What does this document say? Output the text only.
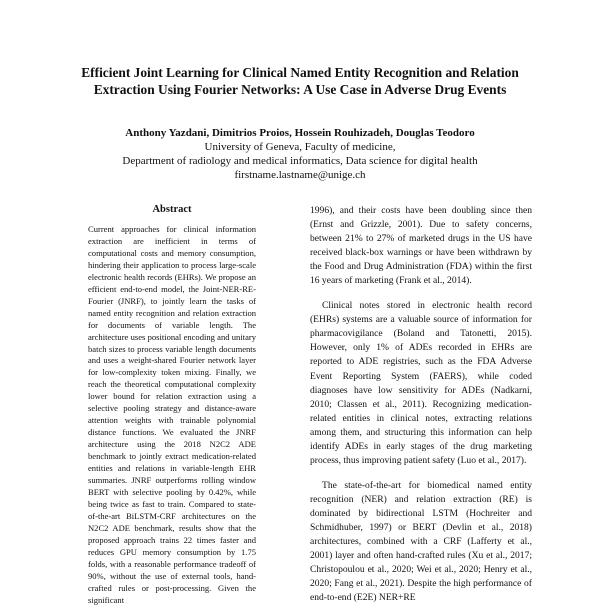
Efficient Joint Learning for Clinical Named Entity Recognition and Relation Extraction Using Fourier Networks: A Use Case in Adverse Drug Events
Anthony Yazdani, Dimitrios Proios, Hossein Rouhizadeh, Douglas Teodoro
University of Geneva, Faculty of medicine,
Department of radiology and medical informatics, Data science for digital health
firstname.lastname@unige.ch
Abstract

Current approaches for clinical information extraction are inefficient in terms of computational costs and memory consumption, hindering their application to process large-scale electronic health records (EHRs). We propose an efficient end-to-end model, the Joint-NER-RE-Fourier (JNRF), to jointly learn the tasks of named entity recognition and relation extraction for documents of variable length. The architecture uses positional encoding and unitary batch sizes to process variable length documents and uses a weight-shared Fourier network layer for low-complexity token mixing. Finally, we reach the theoretical computational complexity lower bound for relation extraction using a selective pooling strategy and distance-aware attention weights with trainable polynomial distance functions. We evaluated the JNRF architecture using the 2018 N2C2 ADE benchmark to jointly extract medication-related entities and relations in variable-length EHR summaries. JNRF outperforms rolling window BERT with selective pooling by 0.42%, while being twice as fast to train. Compared to state-of-the-art BiLSTM-CRF architectures on the N2C2 ADE benchmark, results show that the proposed approach trains 22 times faster and reduces GPU memory consumption by 1.75 folds, with a reasonable performance tradeoff of 90%, without the use of external tools, hand-crafted rules or post-processing. Given the significant

1996), and their costs have been doubling since then (Ernst and Grizzle, 2001). Due to safety concerns, between 21% to 27% of marketed drugs in the US have received black-box warnings or have been withdrawn by the Food and Drug Administration (FDA) within the first 16 years of marketing (Frank et al., 2014).

Clinical notes stored in electronic health record (EHRs) systems are a valuable source of information for pharmacovigilance (Boland and Tatonetti, 2015). However, only 1% of ADEs recorded in EHRs are reported to ADE registries, such as the FDA Adverse Event Reporting System (FAERS), while coded diagnoses have low sensitivity for ADEs (Nadkarni, 2010; Classen et al., 2011). Recognizing medication-related entities in clinical notes, extracting relations among them, and structuring this information can help identify ADEs in early stages of the drug marketing process, thus improving patient safety (Luo et al., 2017).

The state-of-the-art for biomedical named entity recognition (NER) and relation extraction (RE) is dominated by bidirectional LSTM (Hochreiter and Schmidhuber, 1997) or BERT (Devlin et al., 2018) architectures, combined with a CRF (Lafferty et al., 2001) layer and often hand-crafted rules (Xu et al., 2017; Christopoulou et al., 2020; Wei et al., 2020; Henry et al., 2020; Fang et al., 2021). Despite the high performance of end-to-end (E2E) NER+RE
